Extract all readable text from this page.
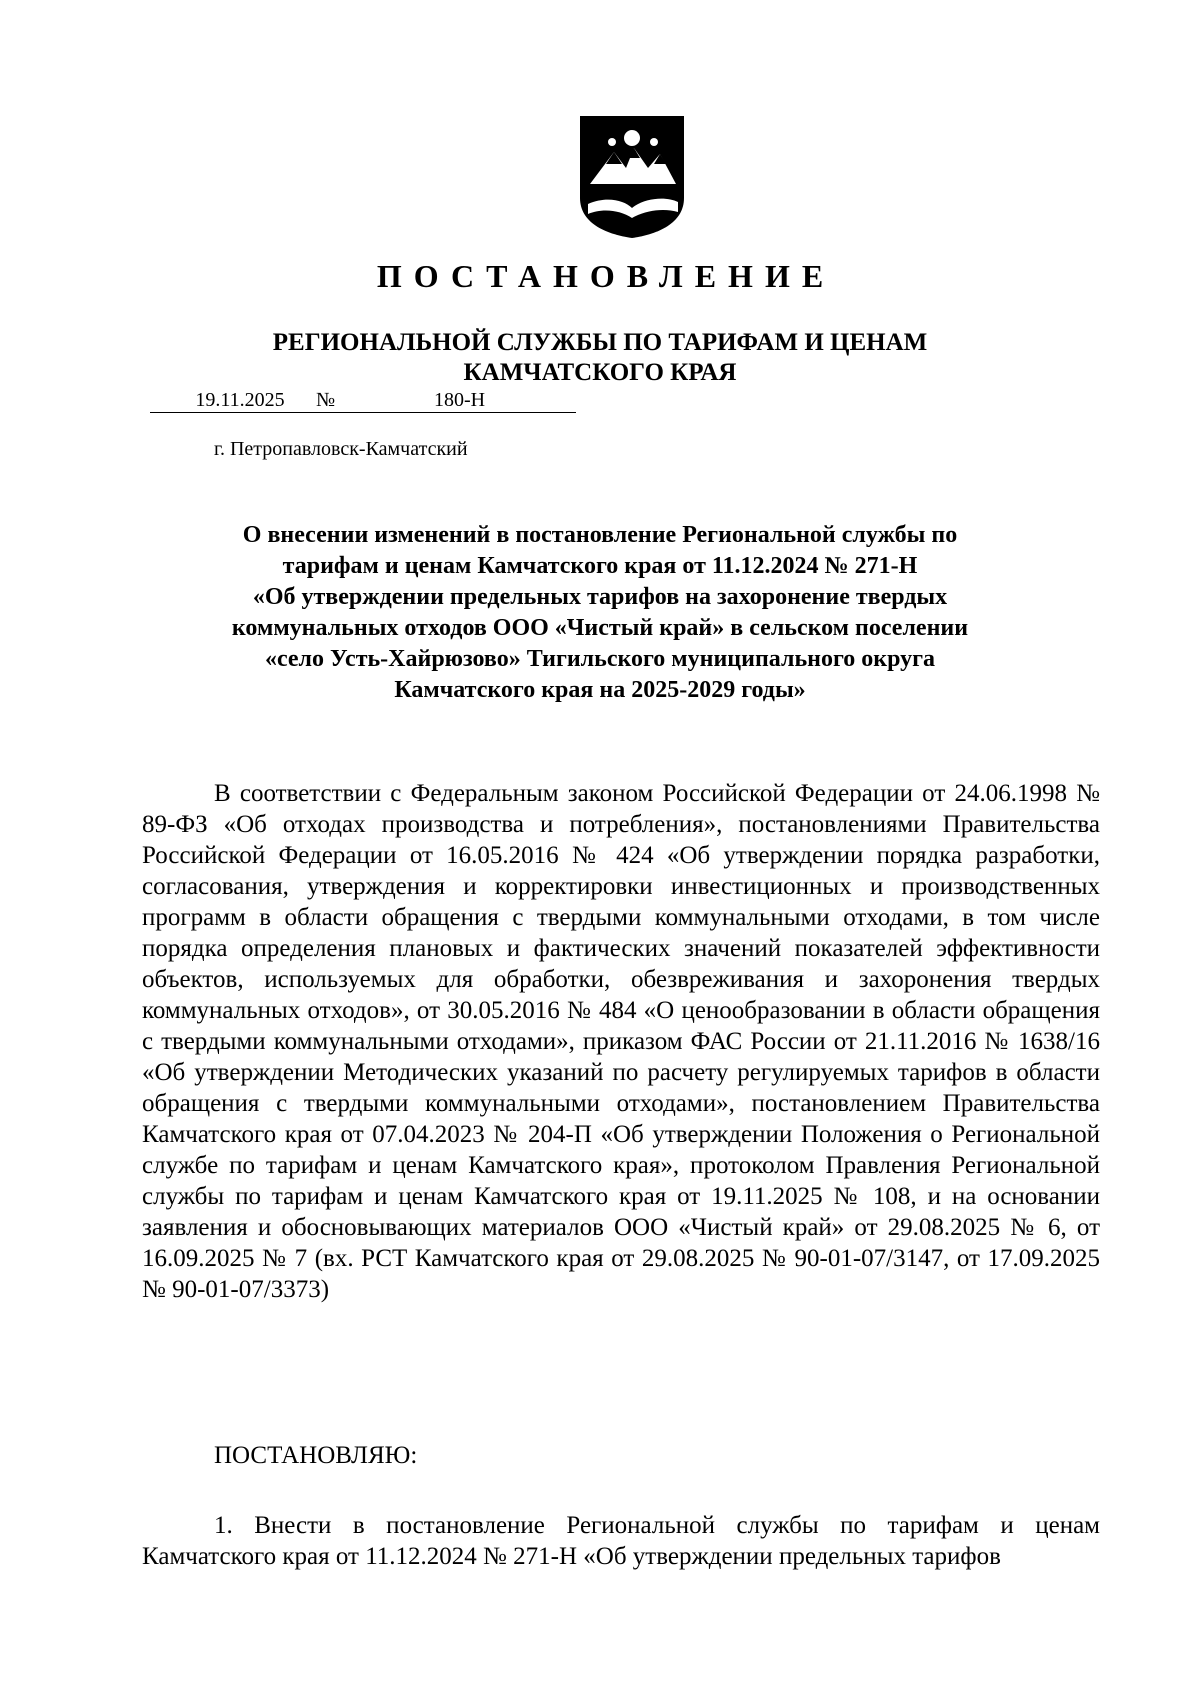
ПОСТАНОВЛЕНИЕ
РЕГИОНАЛЬНОЙ СЛУЖБЫ ПО ТАРИФАМ И ЦЕНАМ
КАМЧАТСКОГО КРАЯ
19.11.2025	№	180-Н
г. Петропавловск-Камчатский
О внесении изменений в постановление Региональной службы по
тарифам и ценам Камчатского края от 11.12.2024 № 271-Н
«Об утверждении предельных тарифов на захоронение твердых
коммунальных отходов ООО «Чистый край» в сельском поселении
«село Усть-Хайрюзово» Тигильского муниципального округа
Камчатского края на 2025-2029 годы»

В соответствии с Федеральным законом Российской Федерации от 24.06.1998 № 89-ФЗ «Об отходах производства и потребления», постановлениями Правительства Российской Федерации от 16.05.2016 № 424 «Об утверждении порядка разработки, согласования, утверждения и корректировки инвестиционных и производственных программ в области обращения с твердыми коммунальными отходами, в том числе порядка определения плановых и фактических значений показателей эффективности объектов, используемых для обработки, обезвреживания и захоронения твердых коммунальных отходов», от 30.05.2016 № 484 «О ценообразовании в области обращения с твердыми коммунальными отходами», приказом ФАС России от 21.11.2016 № 1638/16 «Об утверждении Методических указаний по расчету регулируемых тарифов в области обращения с твердыми коммунальными отходами», постановлением Правительства Камчатского края от 07.04.2023 № 204-П «Об утверждении Положения о Региональной службе по тарифам и ценам Камчатского края», протоколом Правления Региональной службы по тарифам и ценам Камчатского края от 19.11.2025 № 108, и на основании заявления и обосновывающих материалов ООО «Чистый край» от 29.08.2025 № 6, от 16.09.2025 № 7 (вх. РСТ Камчатского края от 29.08.2025 № 90-01-07/3147, от 17.09.2025 № 90-01-07/3373)

ПОСТАНОВЛЯЮ:

1. Внести в постановление Региональной службы по тарифам и ценам Камчатского края от 11.12.2024 № 271-Н «Об утверждении предельных тарифов
